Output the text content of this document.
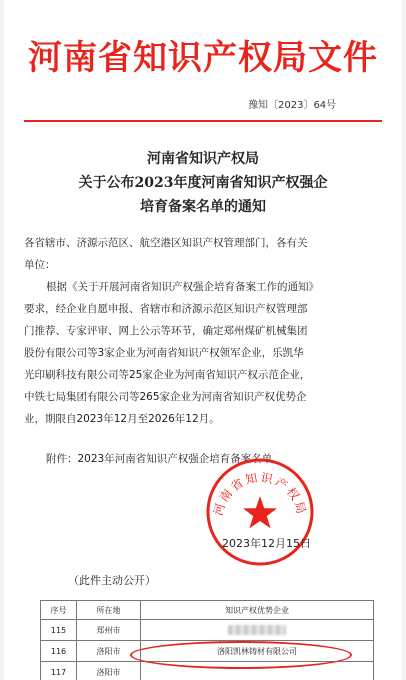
河南省知识产权局文件
豫知〔2023〕64号
河南省知识产权局
关于公布2023年度河南省知识产权强企
培育备案名单的通知
各省辖市、济源示范区、航空港区知识产权管理部门，各有关
单位：
根据《关于开展河南省知识产权强企培育备案工作的通知》
要求，经企业自愿申报、省辖市和济源示范区知识产权管理部
门推荐、专家评审、网上公示等环节，确定郑州煤矿机械集团
股份有限公司等3家企业为河南省知识产权领军企业，乐凯华
光印刷科技有限公司等25家企业为河南省知识产权示范企业，
中铁七局集团有限公司等265家企业为河南省知识产权优势企
业，期限自2023年12月至2026年12月。
附件：2023年河南省知识产权强企培育备案名单
河南省知识产权局
2023年12月15日
（此件主动公开）
序号	所在地	知识产权优势企业
115	郑州市	
116	洛阳市	洛阳凯林铸材有限公司
117	洛阳市	
